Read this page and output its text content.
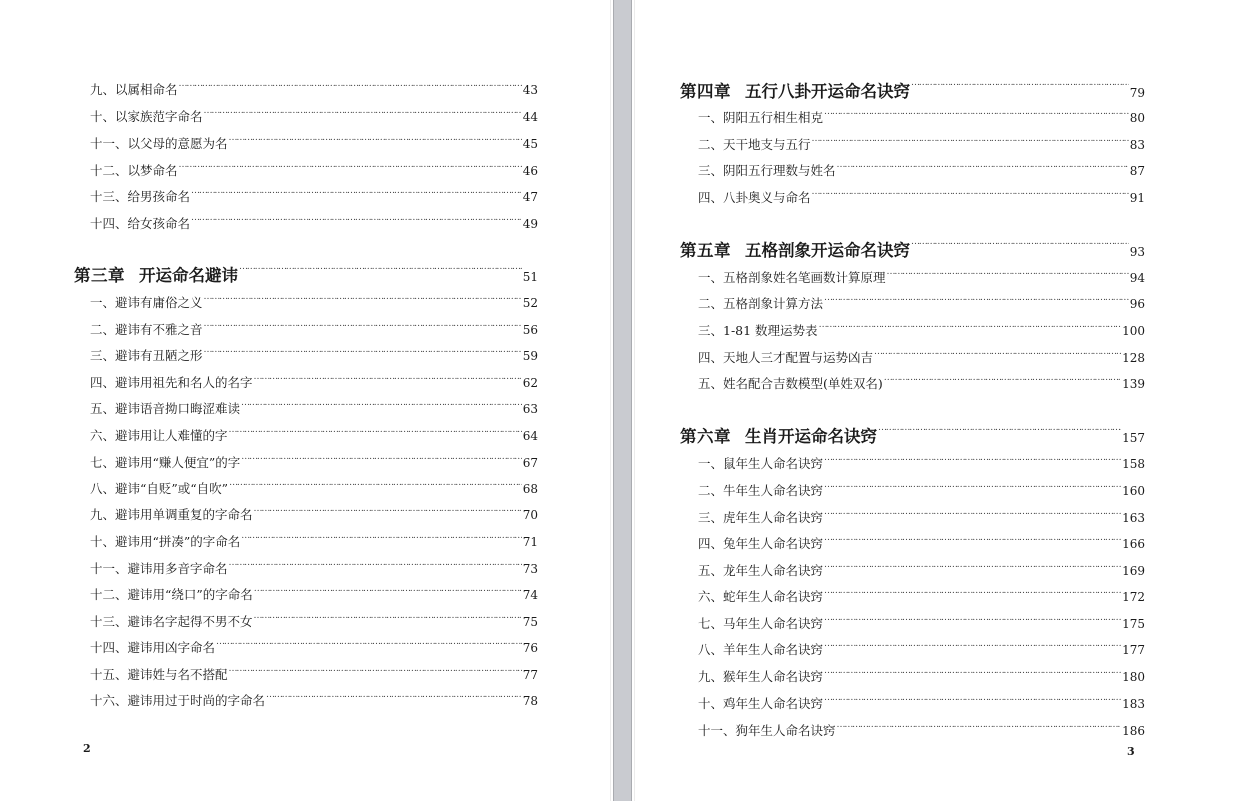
九、以属相命名 ……………………………………………………………………………………………………………………………………………………………………………………………………………………	43
十、以家族范字命名 ……………………………………………………………………………………………………………………………………………………………………………………………………………………	44
十一、以父母的意愿为名 ……………………………………………………………………………………………………………………………………………………………………………………………………………………	45
十二、以梦命名 ……………………………………………………………………………………………………………………………………………………………………………………………………………………	46
十三、给男孩命名 ……………………………………………………………………………………………………………………………………………………………………………………………………………………	47
十四、给女孩命名 ……………………………………………………………………………………………………………………………………………………………………………………………………………………	49
第三章 开运命名避讳 ……………………………………………………………………………………………………………………………………………………………………………………………………………	51
一、避讳有庸俗之义 ……………………………………………………………………………………………………………………………………………………………………………………………………………………	52
二、避讳有不雅之音 ……………………………………………………………………………………………………………………………………………………………………………………………………………………	56
三、避讳有丑陋之形 ……………………………………………………………………………………………………………………………………………………………………………………………………………………	59
四、避讳用祖先和名人的名字 ……………………………………………………………………………………………………………………………………………………………………………………………………………………	62
五、避讳语音拗口晦涩难读 ……………………………………………………………………………………………………………………………………………………………………………………………………………………	63
六、避讳用让人难懂的字 ……………………………………………………………………………………………………………………………………………………………………………………………………………………	64
七、避讳用“赚人便宜”的字 ……………………………………………………………………………………………………………………………………………………………………………………………………………………	67
八、避讳“自贬”或“自吹” ……………………………………………………………………………………………………………………………………………………………………………………………………………………	68
九、避讳用单调重复的字命名 ……………………………………………………………………………………………………………………………………………………………………………………………………………………	70
十、避讳用“拼凑”的字命名 ……………………………………………………………………………………………………………………………………………………………………………………………………………………	71
十一、避讳用多音字命名 ……………………………………………………………………………………………………………………………………………………………………………………………………………………	73
十二、避讳用“绕口”的字命名 ……………………………………………………………………………………………………………………………………………………………………………………………………………………	74
十三、避讳名字起得不男不女 ……………………………………………………………………………………………………………………………………………………………………………………………………………………	75
十四、避讳用凶字命名 ……………………………………………………………………………………………………………………………………………………………………………………………………………………	76
十五、避讳姓与名不搭配 ……………………………………………………………………………………………………………………………………………………………………………………………………………………	77
十六、避讳用过于时尚的字命名 ……………………………………………………………………………………………………………………………………………………………………………………………………………………	78
2
第四章 五行八卦开运命名诀窍 ……………………………………………………………………………………………………………………………………………………………………………………………………………	79
一、阴阳五行相生相克 ……………………………………………………………………………………………………………………………………………………………………………………………………………………	80
二、天干地支与五行 ……………………………………………………………………………………………………………………………………………………………………………………………………………………	83
三、阴阳五行理数与姓名 ……………………………………………………………………………………………………………………………………………………………………………………………………………………	87
四、八卦奥义与命名 ……………………………………………………………………………………………………………………………………………………………………………………………………………………	91
第五章 五格剖象开运命名诀窍 ……………………………………………………………………………………………………………………………………………………………………………………………………………	93
一、五格剖象姓名笔画数计算原理 ……………………………………………………………………………………………………………………………………………………………………………………………………………………	94
二、五格剖象计算方法 ……………………………………………………………………………………………………………………………………………………………………………………………………………………	96
三、1-81 数理运势表 ……………………………………………………………………………………………………………………………………………………………………………………………………………………	100
四、天地人三才配置与运势凶吉 ……………………………………………………………………………………………………………………………………………………………………………………………………………………	128
五、姓名配合吉数模型(单姓双名) ……………………………………………………………………………………………………………………………………………………………………………………………………………………	139
第六章 生肖开运命名诀窍 ……………………………………………………………………………………………………………………………………………………………………………………………………………	157
一、鼠年生人命名诀窍 ……………………………………………………………………………………………………………………………………………………………………………………………………………………	158
二、牛年生人命名诀窍 ……………………………………………………………………………………………………………………………………………………………………………………………………………………	160
三、虎年生人命名诀窍 ……………………………………………………………………………………………………………………………………………………………………………………………………………………	163
四、兔年生人命名诀窍 ……………………………………………………………………………………………………………………………………………………………………………………………………………………	166
五、龙年生人命名诀窍 ……………………………………………………………………………………………………………………………………………………………………………………………………………………	169
六、蛇年生人命名诀窍 ……………………………………………………………………………………………………………………………………………………………………………………………………………………	172
七、马年生人命名诀窍 ……………………………………………………………………………………………………………………………………………………………………………………………………………………	175
八、羊年生人命名诀窍 ……………………………………………………………………………………………………………………………………………………………………………………………………………………	177
九、猴年生人命名诀窍 ……………………………………………………………………………………………………………………………………………………………………………………………………………………	180
十、鸡年生人命名诀窍 ……………………………………………………………………………………………………………………………………………………………………………………………………………………	183
十一、狗年生人命名诀窍 ……………………………………………………………………………………………………………………………………………………………………………………………………………………	186
3
